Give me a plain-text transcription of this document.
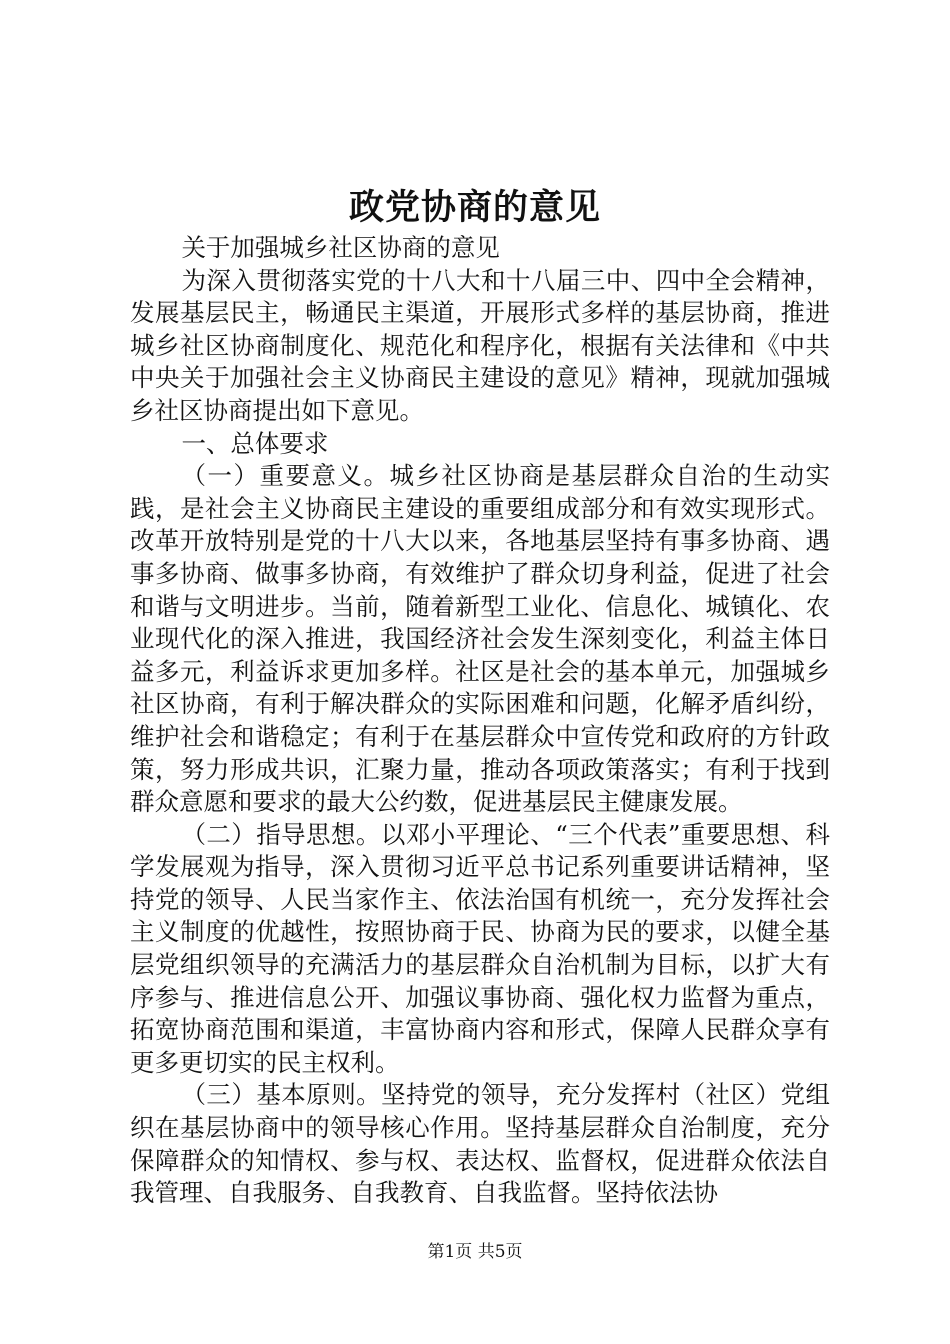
政党协商的意见

关于加强城乡社区协商的意见

为深入贯彻落实党的十八大和十八届三中、四中全会精神，发展基层民主，畅通民主渠道，开展形式多样的基层协商，推进城乡社区协商制度化、规范化和程序化，根据有关法律和《中共中央关于加强社会主义协商民主建设的意见》精神，现就加强城乡社区协商提出如下意见。

一、总体要求

（一）重要意义。城乡社区协商是基层群众自治的生动实践，是社会主义协商民主建设的重要组成部分和有效实现形式。改革开放特别是党的十八大以来，各地基层坚持有事多协商、遇事多协商、做事多协商，有效维护了群众切身利益，促进了社会和谐与文明进步。当前，随着新型工业化、信息化、城镇化、农业现代化的深入推进，我国经济社会发生深刻变化，利益主体日益多元，利益诉求更加多样。社区是社会的基本单元，加强城乡社区协商，有利于解决群众的实际困难和问题，化解矛盾纠纷，维护社会和谐稳定；有利于在基层群众中宣传党和政府的方针政策，努力形成共识，汇聚力量，推动各项政策落实；有利于找到群众意愿和要求的最大公约数，促进基层民主健康发展。

（二）指导思想。以邓小平理论、“三个代表”重要思想、科学发展观为指导，深入贯彻习近平总书记系列重要讲话精神，坚持党的领导、人民当家作主、依法治国有机统一，充分发挥社会主义制度的优越性，按照协商于民、协商为民的要求，以健全基层党组织领导的充满活力的基层群众自治机制为目标，以扩大有序参与、推进信息公开、加强议事协商、强化权力监督为重点，拓宽协商范围和渠道，丰富协商内容和形式，保障人民群众享有更多更切实的民主权利。

（三）基本原则。坚持党的领导，充分发挥村（社区）党组织在基层协商中的领导核心作用。坚持基层群众自治制度，充分保障群众的知情权、参与权、表达权、监督权，促进群众依法自我管理、自我服务、自我教育、自我监督。坚持依法协

第1页 共5页
